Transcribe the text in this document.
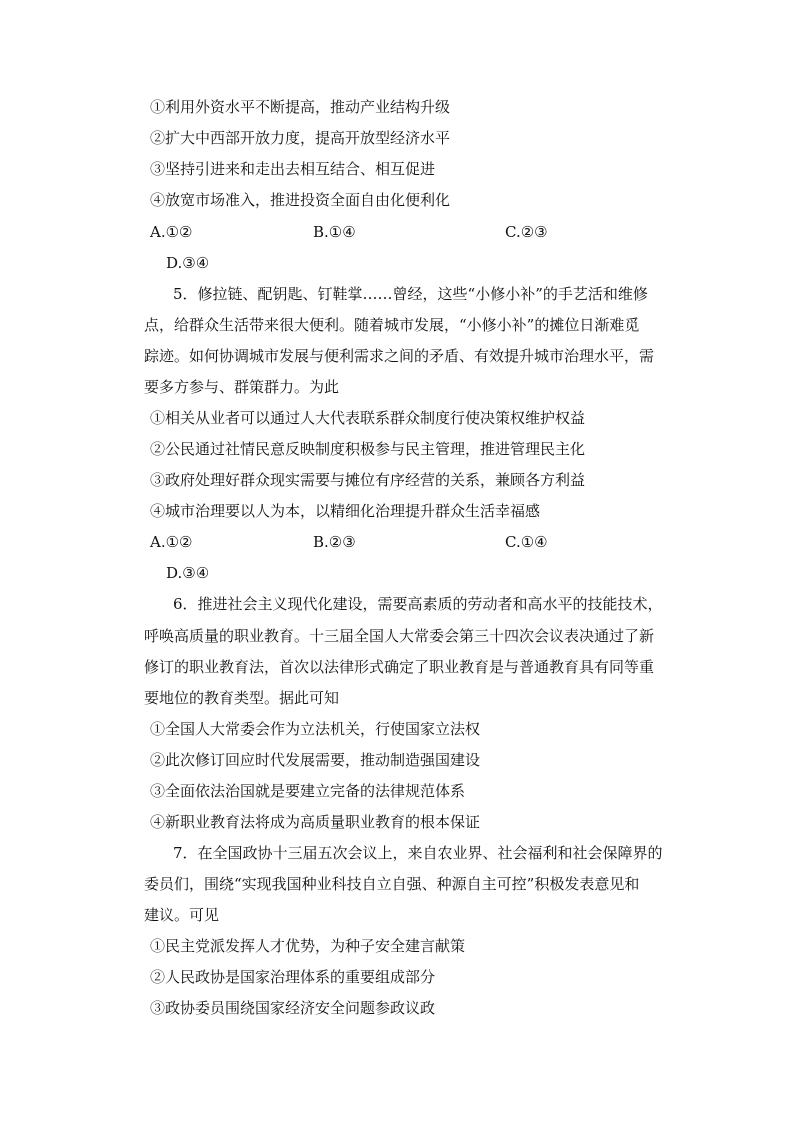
①利用外资水平不断提高，推动产业结构升级
②扩大中西部开放力度，提高开放型经济水平
③坚持引进来和走出去相互结合、相互促进
④放宽市场准入，推进投资全面自由化便利化
A.①②	B.①④	C.②③
D.③④
5．修拉链、配钥匙、钉鞋掌……曾经，这些“小修小补”的手艺活和维修
点，给群众生活带来很大便利。随着城市发展，“小修小补”的摊位日渐难觅
踪迹。如何协调城市发展与便利需求之间的矛盾、有效提升城市治理水平，需
要多方参与、群策群力。为此
①相关从业者可以通过人大代表联系群众制度行使决策权维护权益
②公民通过社情民意反映制度积极参与民主管理，推进管理民主化
③政府处理好群众现实需要与摊位有序经营的关系，兼顾各方利益
④城市治理要以人为本，以精细化治理提升群众生活幸福感
A.①②	B.②③	C.①④
D.③④
6．推进社会主义现代化建设，需要高素质的劳动者和高水平的技能技术，
呼唤高质量的职业教育。十三届全国人大常委会第三十四次会议表决通过了新
修订的职业教育法，首次以法律形式确定了职业教育是与普通教育具有同等重
要地位的教育类型。据此可知
①全国人大常委会作为立法机关，行使国家立法权
②此次修订回应时代发展需要，推动制造强国建设
③全面依法治国就是要建立完备的法律规范体系
④新职业教育法将成为高质量职业教育的根本保证
7．在全国政协十三届五次会议上，来自农业界、社会福利和社会保障界的
委员们，围绕“实现我国种业科技自立自强、种源自主可控”积极发表意见和
建议。可见
①民主党派发挥人才优势，为种子安全建言献策
②人民政协是国家治理体系的重要组成部分
③政协委员围绕国家经济安全问题参政议政
